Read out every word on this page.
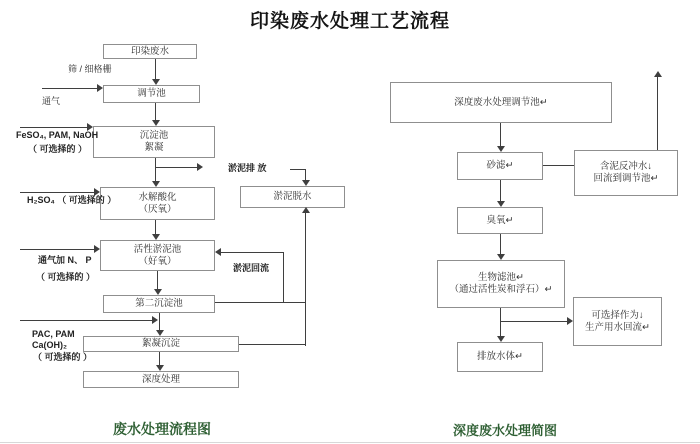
印染废水处理工艺流程
印染废水
调节池
沉淀池
絮凝
水解酸化
（厌氧）
活性淤泥池
（好氧）
第二沉淀池
絮凝沉淀
深度处理
淤泥脱水
筛 / 细格栅
通气
FeSO₄, PAM, NaOH
（ 可选择的 ）
H₂SO₄ （ 可选择的 ）
通气加 N、 P
（ 可选择的 ）
PAC, PAM
Ca(OH)₂
（ 可选择的 ）
淤泥排 放
淤泥回流
深度废水处理调节池↵
砂滤↵	含泥反冲水↓
回流到调节池↵
臭氧↵
生物滤池↵
（通过活性炭和浮石）↵
可选择作为↓
生产用水回流↵
排放水体↵
废水处理流程图	深度废水处理简图
